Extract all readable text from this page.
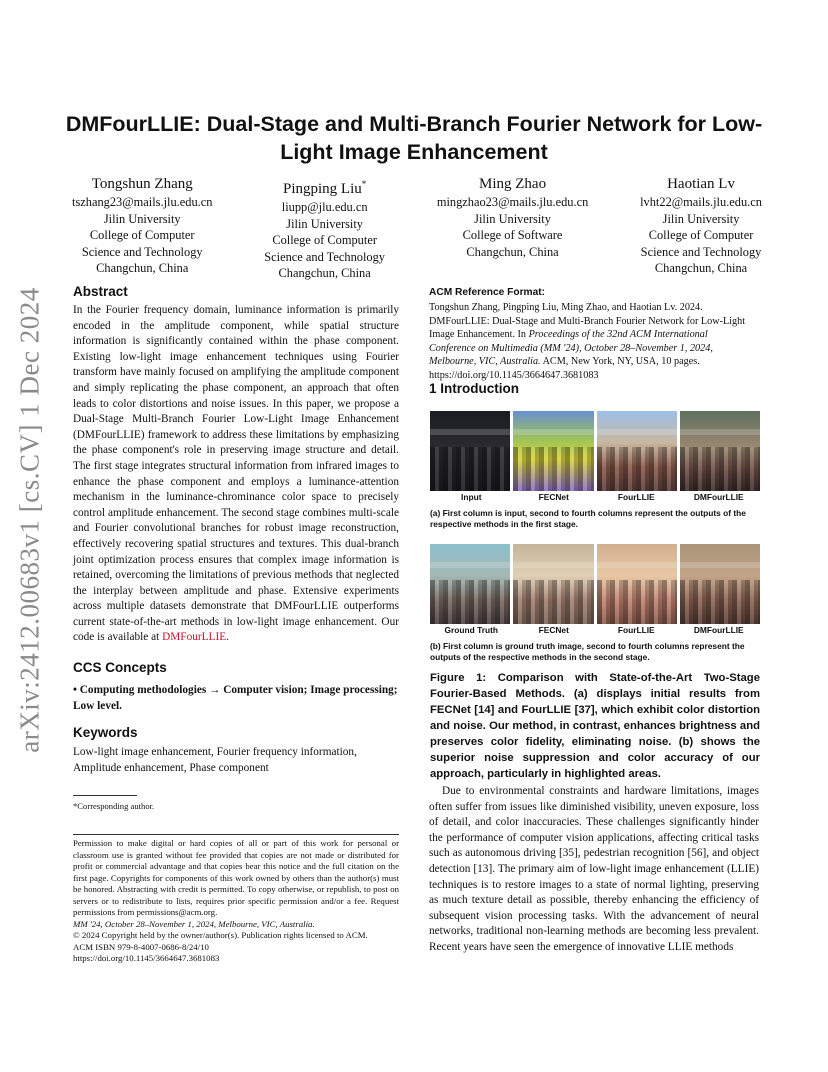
arXiv:2412.00683v1 [cs.CV] 1 Dec 2024
DMFourLLIE: Dual-Stage and Multi-Branch Fourier Network for Low-Light Image Enhancement
Tongshun Zhang
tszhang23@mails.jlu.edu.cn
Jilin University
College of Computer
Science and Technology
Changchun, China
Pingping Liu*
liupp@jlu.edu.cn
Jilin University
College of Computer
Science and Technology
Changchun, China
Ming Zhao
mingzhao23@mails.jlu.edu.cn
Jilin University
College of Software
Changchun, China
Haotian Lv
lvht22@mails.jlu.edu.cn
Jilin University
College of Computer
Science and Technology
Changchun, China
Abstract
In the Fourier frequency domain, luminance information is primarily encoded in the amplitude component, while spatial structure information is significantly contained within the phase component. Existing low-light image enhancement techniques using Fourier transform have mainly focused on amplifying the amplitude component and simply replicating the phase component, an approach that often leads to color distortions and noise issues. In this paper, we propose a Dual-Stage Multi-Branch Fourier Low-Light Image Enhancement (DMFourLLIE) framework to address these limitations by emphasizing the phase component's role in preserving image structure and detail. The first stage integrates structural information from infrared images to enhance the phase component and employs a luminance-attention mechanism in the luminance-chrominance color space to precisely control amplitude enhancement. The second stage combines multi-scale and Fourier convolutional branches for robust image reconstruction, effectively recovering spatial structures and textures. This dual-branch joint optimization process ensures that complex image information is retained, overcoming the limitations of previous methods that neglected the interplay between amplitude and phase. Extensive experiments across multiple datasets demonstrate that DMFourLLIE outperforms current state-of-the-art methods in low-light image enhancement. Our code is available at DMFourLLIE.
CCS Concepts
• Computing methodologies → Computer vision; Image processing; Low level.
Keywords
Low-light image enhancement, Fourier frequency information, Amplitude enhancement, Phase component
*Corresponding author.
Permission to make digital or hard copies of all or part of this work for personal or classroom use is granted without fee provided that copies are not made or distributed for profit or commercial advantage and that copies bear this notice and the full citation on the first page. Copyrights for components of this work owned by others than the author(s) must be honored. Abstracting with credit is permitted. To copy otherwise, or republish, to post on servers or to redistribute to lists, requires prior specific permission and/or a fee. Request permissions from permissions@acm.org.
MM '24, October 28–November 1, 2024, Melbourne, VIC, Australia.
© 2024 Copyright held by the owner/author(s). Publication rights licensed to ACM.
ACM ISBN 979-8-4007-0686-8/24/10
https://doi.org/10.1145/3664647.3681083
ACM Reference Format:
Tongshun Zhang, Pingping Liu, Ming Zhao, and Haotian Lv. 2024. DMFourLLIE: Dual-Stage and Multi-Branch Fourier Network for Low-Light Image Enhancement. In Proceedings of the 32nd ACM International Conference on Multimedia (MM '24), October 28–November 1, 2024, Melbourne, VIC, Australia. ACM, New York, NY, USA, 10 pages. https://doi.org/10.1145/3664647.3681083
1 Introduction
Input	FECNet	FourLLIE	DMFourLLIE
(a) First column is input, second to fourth columns represent the outputs of the respective methods in the first stage.
Ground Truth	FECNet	FourLLIE	DMFourLLIE
(b) First column is ground truth image, second to fourth columns represent the outputs of the respective methods in the second stage.
Figure 1: Comparison with State-of-the-Art Two-Stage Fourier-Based Methods. (a) displays initial results from FECNet [14] and FourLLIE [37], which exhibit color distortion and noise. Our method, in contrast, enhances brightness and preserves color fidelity, eliminating noise. (b) shows the superior noise suppression and color accuracy of our approach, particularly in highlighted areas.
Due to environmental constraints and hardware limitations, images often suffer from issues like diminished visibility, uneven exposure, loss of detail, and color inaccuracies. These challenges significantly hinder the performance of computer vision applications, affecting critical tasks such as autonomous driving [35], pedestrian recognition [56], and object detection [13]. The primary aim of low-light image enhancement (LLIE) techniques is to restore images to a state of normal lighting, preserving as much texture detail as possible, thereby enhancing the efficiency of subsequent vision processing tasks. With the advancement of neural networks, traditional non-learning methods are becoming less prevalent. Recent years have seen the emergence of innovative LLIE methods
